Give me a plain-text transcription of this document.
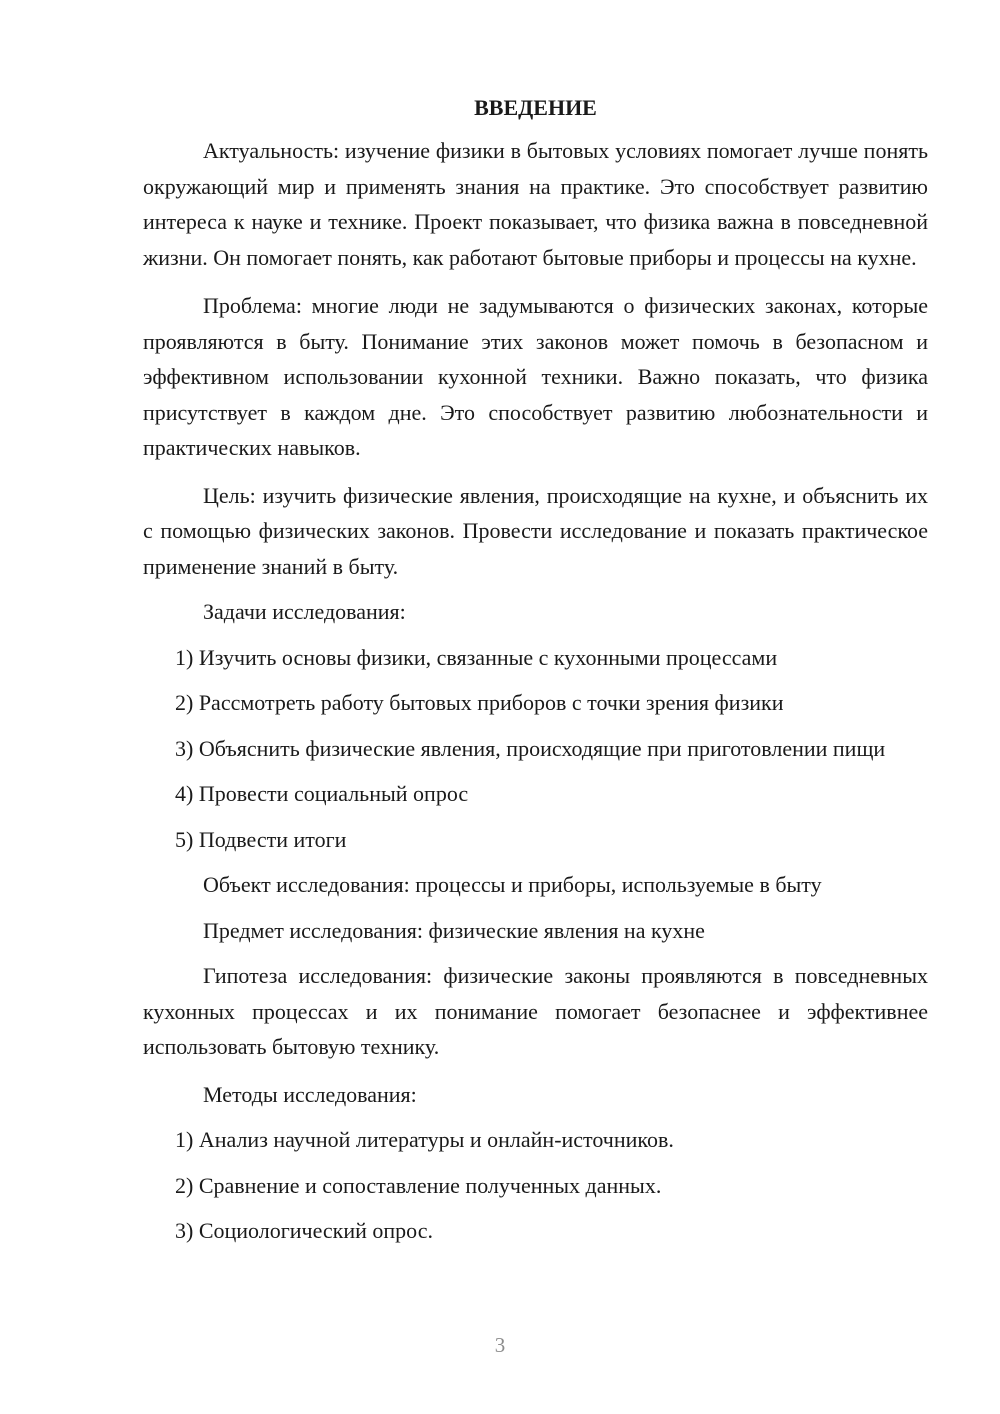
ВВЕДЕНИЕ

Актуальность: изучение физики в бытовых условиях помогает лучше понять окружающий мир и применять знания на практике. Это способствует развитию интереса к науке и технике. Проект показывает, что физика важна в повседневной жизни. Он помогает понять, как работают бытовые приборы и процессы на кухне.

Проблема: многие люди не задумываются о физических законах, которые проявляются в быту. Понимание этих законов может помочь в безопасном и эффективном использовании кухонной техники. Важно показать, что физика присутствует в каждом дне. Это способствует развитию любознательности и практических навыков.

Цель: изучить физические явления, происходящие на кухне, и объяснить их с помощью физических законов. Провести исследование и показать практическое применение знаний в быту.

Задачи исследования:

1) Изучить основы физики, связанные с кухонными процессами

2) Рассмотреть работу бытовых приборов с точки зрения физики

3) Объяснить физические явления, происходящие при приготовлении пищи

4) Провести социальный опрос

5) Подвести итоги

Объект исследования: процессы и приборы, используемые в быту

Предмет исследования: физические явления на кухне

Гипотеза исследования: физические законы проявляются в повседневных кухонных процессах и их понимание помогает безопаснее и эффективнее использовать бытовую технику.

Методы исследования:

1) Анализ научной литературы и онлайн-источников.

2) Сравнение и сопоставление полученных данных.

3) Социологический опрос.

3
